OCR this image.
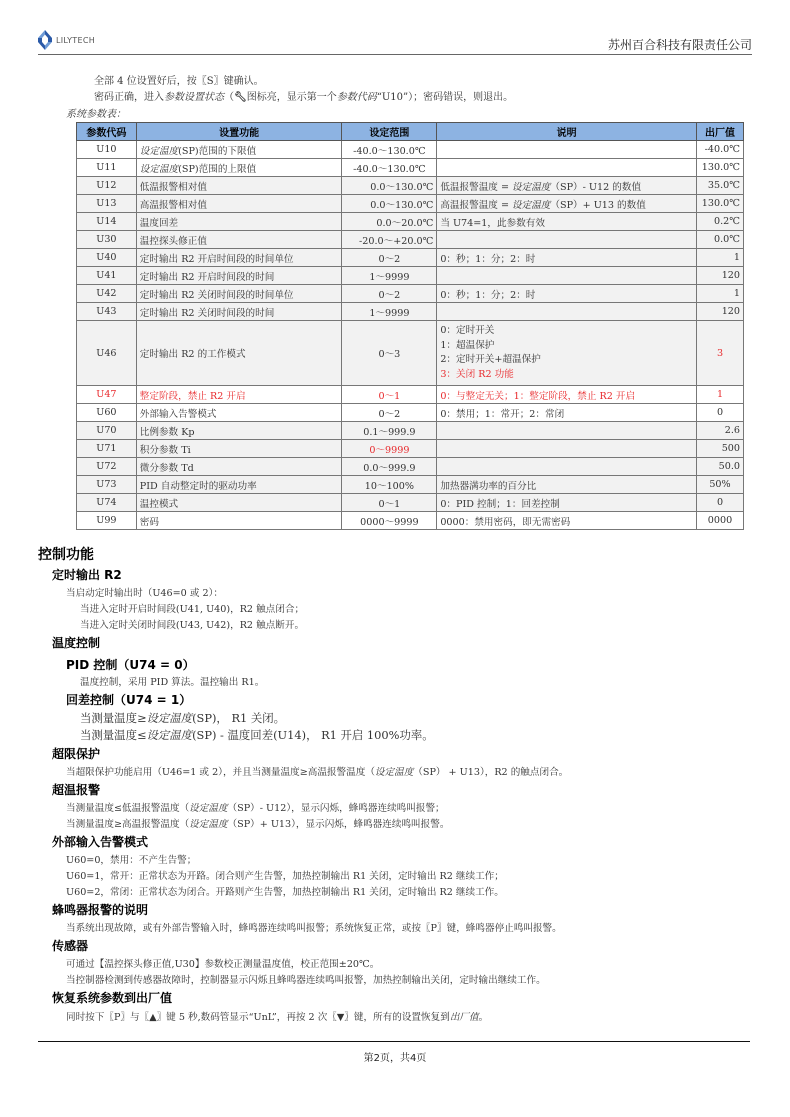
LILYTECH	苏州百合科技有限责任公司
全部 4 位设置好后，按〖S〗键确认。
密码正确，进入参数设置状态（🔧︎图标亮，显示第一个参数代码“U10”）；密码错误，则退出。
系统参数表：
参数代码	设置功能	设定范围	说明	出厂值
U10	设定温度(SP)范围的下限值	-40.0～130.0℃		-40.0℃
U11	设定温度(SP)范围的上限值	-40.0～130.0℃		130.0℃
U12	低温报警相对值	0.0～130.0℃	低温报警温度 = 设定温度（SP）- U12 的数值	35.0℃
U13	高温报警相对值	0.0～130.0℃	高温报警温度 = 设定温度（SP）+ U13 的数值	130.0℃
U14	温度回差	0.0～20.0℃	当 U74=1，此参数有效	0.2℃
U30	温控探头修正值	-20.0～+20.0℃		0.0℃
U40	定时输出 R2 开启时间段的时间单位	0～2	0：秒；1：分；2：时	1
U41	定时输出 R2 开启时间段的时间	1～9999		120
U42	定时输出 R2 关闭时间段的时间单位	0～2	0：秒；1：分；2：时	1
U43	定时输出 R2 关闭时间段的时间	1～9999		120
U46	定时输出 R2 的工作模式	0～3	0：定时开关
1：超温保护
2：定时开关+超温保护
3：关闭 R2 功能	3
U47	整定阶段，禁止 R2 开启	0～1	0：与整定无关；1：整定阶段，禁止 R2 开启	1
U60	外部输入告警模式	0～2	0：禁用；1：常开；2：常闭	0
U70	比例参数 Kp	0.1～999.9		2.6
U71	积分参数 Ti	0～9999		500
U72	微分参数 Td	0.0～999.9		50.0
U73	PID 自动整定时的驱动功率	10～100%	加热器满功率的百分比	50%
U74	温控模式	0～1	0：PID 控制；1：回差控制	0
U99	密码	0000～9999	0000：禁用密码，即无需密码	0000
控制功能
定时输出 R2
当启动定时输出时（U46=0 或 2）：
当进入定时开启时间段(U41, U40)，R2 触点闭合；
当进入定时关闭时间段(U43, U42)，R2 触点断开。
温度控制
PID 控制（U74 = 0）
温度控制，采用 PID 算法。温控输出 R1。
回差控制（U74 = 1）
当测量温度≥设定温度(SP)， R1 关闭。
当测量温度≤设定温度(SP) - 温度回差(U14)， R1 开启 100%功率。
超限保护
当超限保护功能启用（U46=1 或 2），并且当测量温度≥高温报警温度（设定温度（SP） + U13），R2 的触点闭合。
超温报警
当测量温度≤低温报警温度（设定温度（SP）- U12），显示闪烁，蜂鸣器连续鸣叫报警；
当测量温度≥高温报警温度（设定温度（SP）+ U13），显示闪烁，蜂鸣器连续鸣叫报警。
外部输入告警模式
U60=0，禁用：不产生告警；
U60=1，常开：正常状态为开路。闭合则产生告警，加热控制输出 R1 关闭，定时输出 R2 继续工作；
U60=2，常闭：正常状态为闭合。开路则产生告警，加热控制输出 R1 关闭，定时输出 R2 继续工作。
蜂鸣器报警的说明
当系统出现故障，或有外部告警输入时，蜂鸣器连续鸣叫报警；系统恢复正常，或按〖P〗键，蜂鸣器停止鸣叫报警。
传感器
可通过【温控探头修正值,U30】参数校正测量温度值，校正范围±20℃。
当控制器检测到传感器故障时，控制器显示闪烁且蜂鸣器连续鸣叫报警，加热控制输出关闭，定时输出继续工作。
恢复系统参数到出厂值
同时按下〖P〗与〖▲〗键 5 秒,数码管显示“UnL”，再按 2 次〖▼〗键，所有的设置恢复到出厂值。
第2页，共4页
